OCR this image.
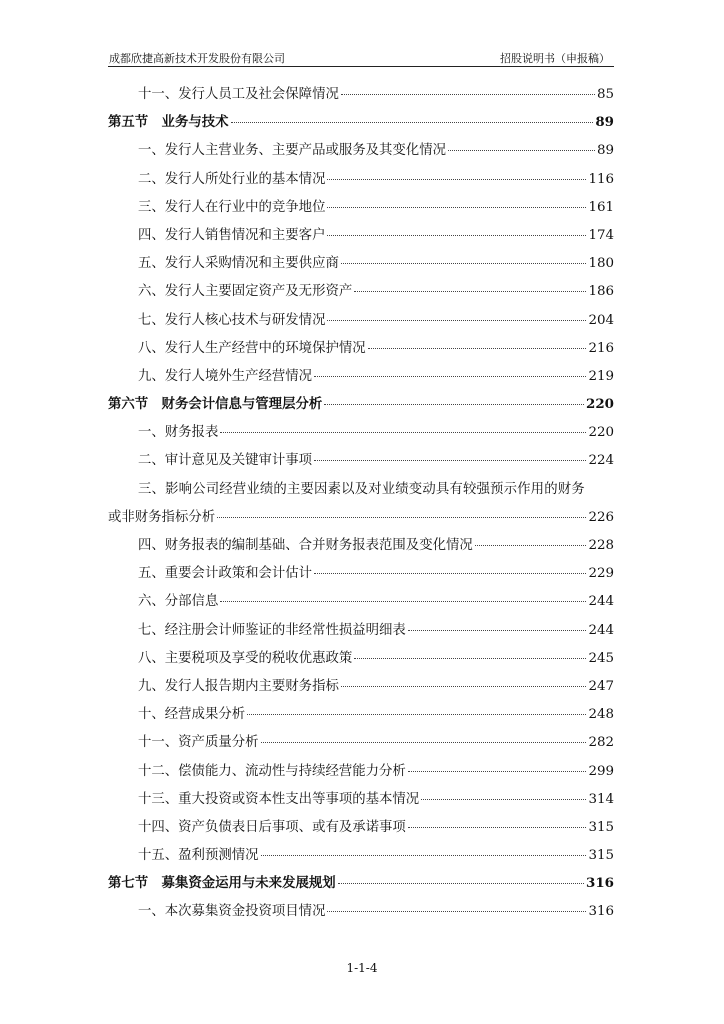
成都欣捷高新技术开发股份有限公司	招股说明书（申报稿）
十一、发行人员工及社会保障情况	85
第五节　业务与技术	89
一、发行人主营业务、主要产品或服务及其变化情况	89
二、发行人所处行业的基本情况	116
三、发行人在行业中的竞争地位	161
四、发行人销售情况和主要客户	174
五、发行人采购情况和主要供应商	180
六、发行人主要固定资产及无形资产	186
七、发行人核心技术与研发情况	204
八、发行人生产经营中的环境保护情况	216
九、发行人境外生产经营情况	219
第六节　财务会计信息与管理层分析	220
一、财务报表	220
二、审计意见及关键审计事项	224
三、影响公司经营业绩的主要因素以及对业绩变动具有较强预示作用的财务
或非财务指标分析	226
四、财务报表的编制基础、合并财务报表范围及变化情况	228
五、重要会计政策和会计估计	229
六、分部信息	244
七、经注册会计师鉴证的非经常性损益明细表	244
八、主要税项及享受的税收优惠政策	245
九、发行人报告期内主要财务指标	247
十、经营成果分析	248
十一、资产质量分析	282
十二、偿债能力、流动性与持续经营能力分析	299
十三、重大投资或资本性支出等事项的基本情况	314
十四、资产负债表日后事项、或有及承诺事项	315
十五、盈利预测情况	315
第七节　募集资金运用与未来发展规划	316
一、本次募集资金投资项目情况	316
1-1-4
